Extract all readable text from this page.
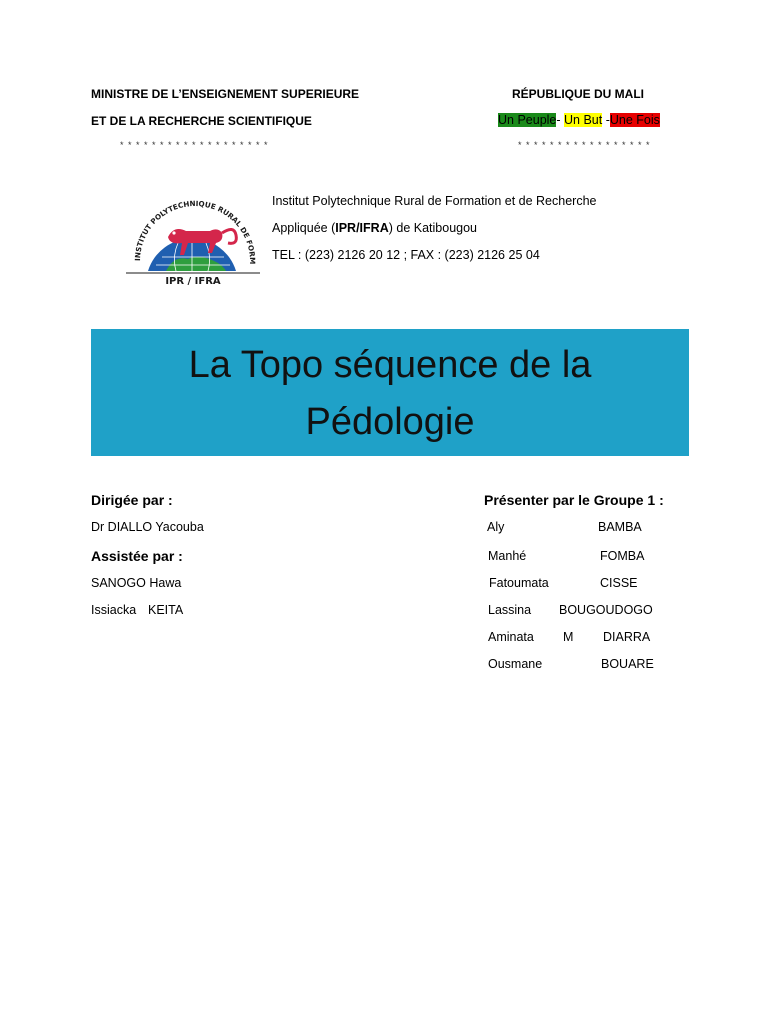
MINISTRE DE L’ENSEIGNEMENT SUPERIEURE
ET DE LA RECHERCHE SCIENTIFIQUE
* * * * * * * * * * * * * * * * * * *
RÉPUBLIQUE DU MALI
Un Peuple- Un But -Une Fois
* * * * * * * * * * * * * * * * *
INSTITUT POLYTECHNIQUE RURAL DE FORM
IPR / IFRA
Institut Polytechnique Rural de Formation et de Recherche
Appliquée (IPR/IFRA) de Katibougou
TEL : (223) 2126 20 12 ; FAX : (223) 2126 25 04
La Topo séquence de la
Pédologie
Dirigée par :
Dr DIALLO Yacouba
Assistée par :
SANOGO Hawa
Issiacka KEITA
Présenter par le Groupe 1 :
Aly	BAMBA
Manhé	FOMBA
Fatoumata	CISSE
Lassina BOUGOUDOGO
Aminata M DIARRA
Ousmane	BOUARE
